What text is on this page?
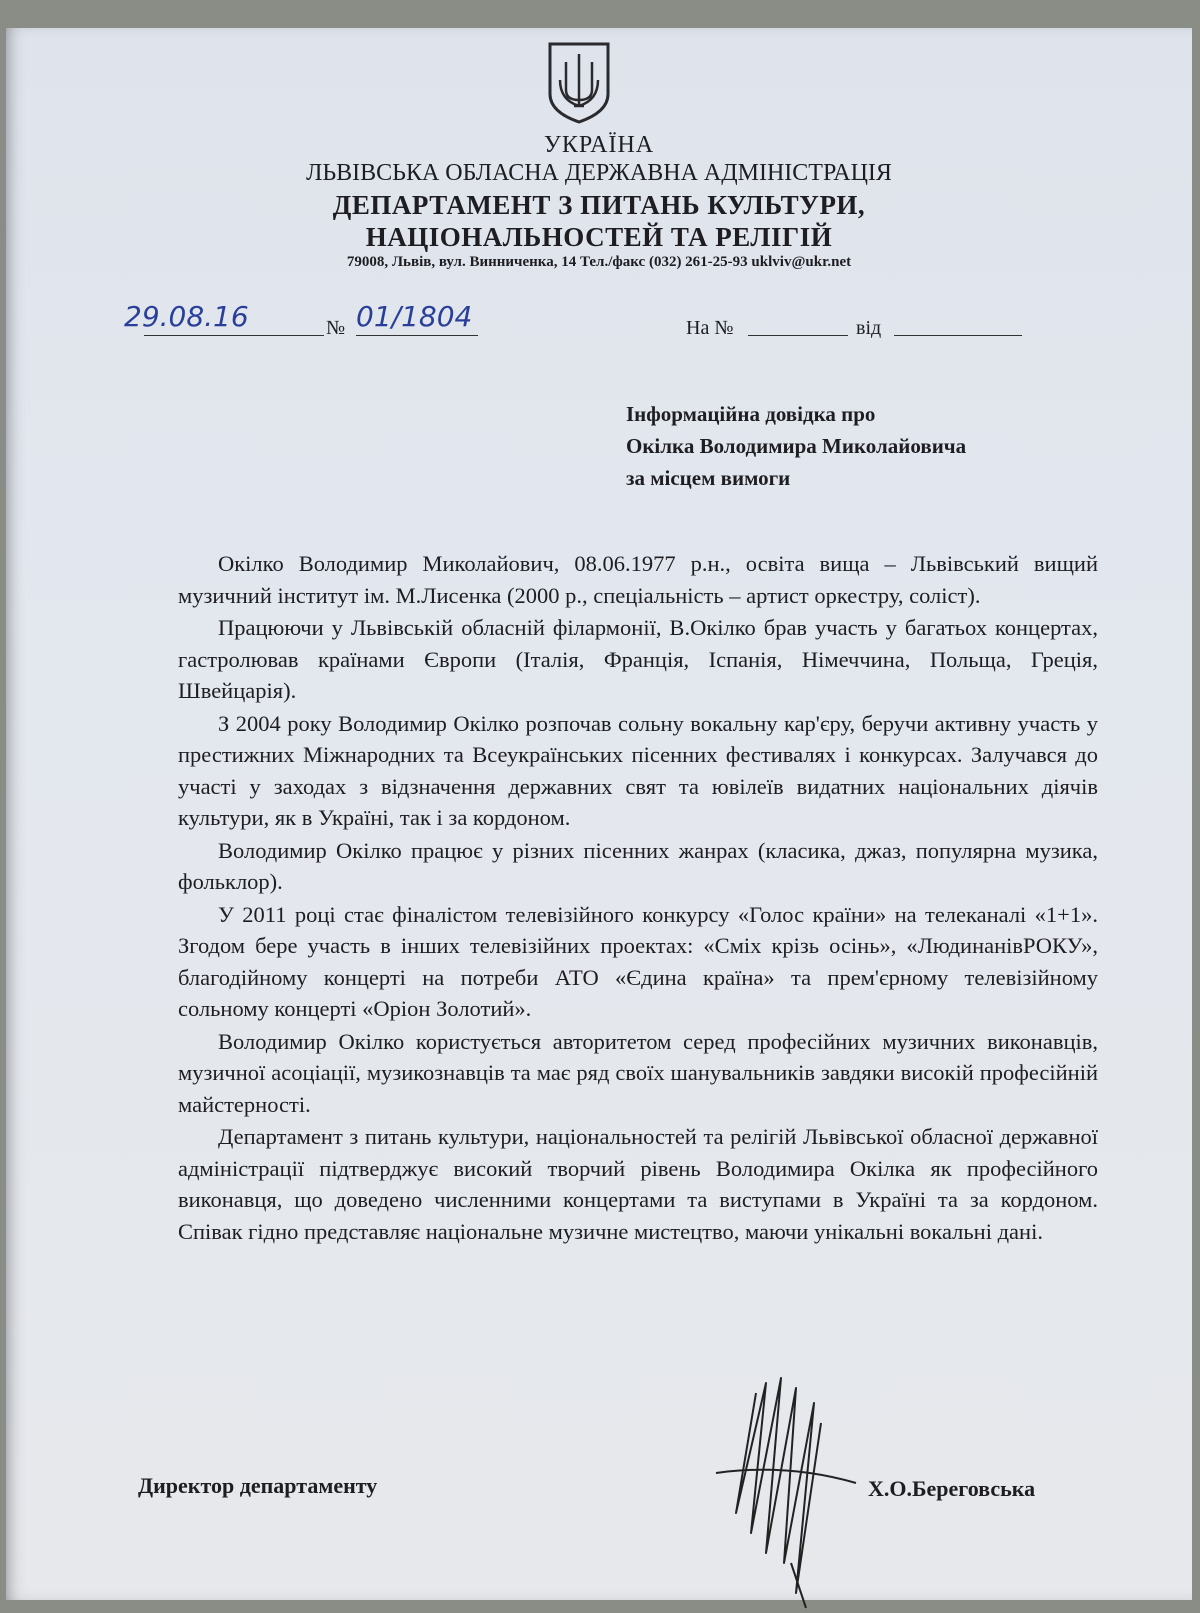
УКРАЇНА
ЛЬВІВСЬКА ОБЛАСНА ДЕРЖАВНА АДМІНІСТРАЦІЯ
ДЕПАРТАМЕНТ З ПИТАНЬ КУЛЬТУРИ,
НАЦІОНАЛЬНОСТЕЙ ТА РЕЛІГІЙ
79008, Львів, вул. Винниченка, 14 Тел./факс (032) 261-25-93 uklviv@ukr.net
29.08.16	№ 01/1804	На №	від
Інформаційна довідка про
Окілка Володимира Миколайовича
за місцем вимоги

Окілко Володимир Миколайович, 08.06.1977 р.н., освіта вища – Львівський вищий музичний інститут ім. М.Лисенка (2000 р., спеціальність – артист оркестру, соліст).

Працюючи у Львівській обласній філармонії, В.Окілко брав участь у багатьох концертах, гастролював країнами Європи (Італія, Франція, Іспанія, Німеччина, Польща, Греція, Швейцарія).

З 2004 року Володимир Окілко розпочав сольну вокальну кар'єру, беручи активну участь у престижних Міжнародних та Всеукраїнських пісенних фестивалях і конкурсах. Залучався до участі у заходах з відзначення державних свят та ювілеїв видатних національних діячів культури, як в Україні, так і за кордоном.

Володимир Окілко працює у різних пісенних жанрах (класика, джаз, популярна музика, фольклор).

У 2011 році стає фіналістом телевізійного конкурсу «Голос країни» на телеканалі «1+1». Згодом бере участь в інших телевізійних проектах: «Сміх крізь осінь», «ЛюдинанівРОКУ», благодійному концерті на потреби АТО «Єдина країна» та прем'єрному телевізійному сольному концерті «Оріон Золотий».

Володимир Окілко користується авторитетом серед професійних музичних виконавців, музичної асоціації, музикознавців та має ряд своїх шанувальників завдяки високій професійній майстерності.

Департамент з питань культури, національностей та релігій Львівської обласної державної адміністрації підтверджує високий творчий рівень Володимира Окілка як професійного виконавця, що доведено численними концертами та виступами в Україні та за кордоном. Співак гідно представляє національне музичне мистецтво, маючи унікальні вокальні дані.

Директор департаменту	Х.О.Береговська
